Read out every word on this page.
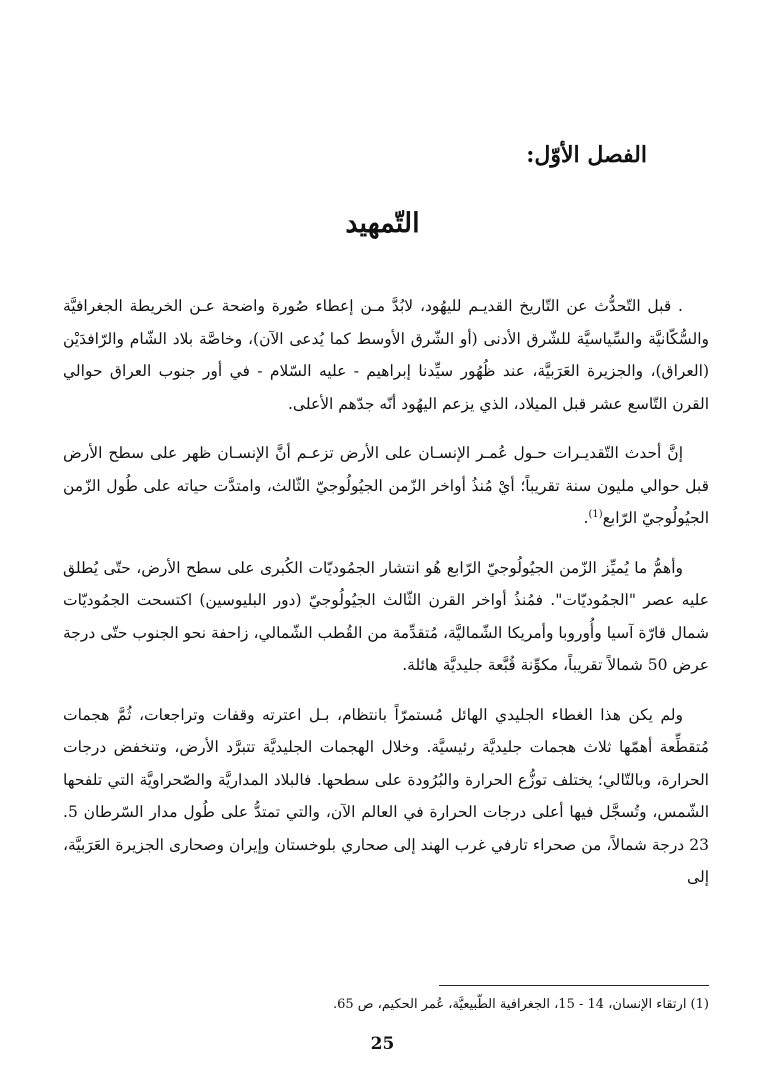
الفصل الأوّل:
التّمهيد

. قبل التّحدُّث عن التّاريخ القديـم لليهُود، لابُدَّ مـن إعطاء صُورة واضحة عـن الخريطة الجغرافيَّة والسُّكّانيَّة والسِّياسيَّة للشّرق الأدنى (أو الشّرق الأوسط كما يُدعى الآن)، وخاصَّة بلاد الشّام والرّافدَيْن (العراق)، والجزيرة العَرَبيَّة، عند ظُهُور سيِّدنا إبراهيم - عليه السّلام - في أور جنوب العراق حوالي القرن التّاسع عشر قبل الميلاد، الذي يزعم اليهُود أنّه جدّهم الأعلى.

إنَّ أحدث التّقديـرات حـول عُمـر الإنسـان على الأرض تزعـم أنَّ الإنسـان ظهر على سطح الأرض قبل حوالي مليون سنة تقريباً؛ أيْ مُنذُ أواخر الزّمن الجيُولُوجيّ الثّالث، وامتدَّت حياته على طُول الزّمن الجيُولُوجيّ الرّابع$^{(1)}$.

وأهمُّ ما يُميِّز الزّمن الجيُولُوجيّ الرّابع هُو انتشار الجمُوديّات الكُبرى على سطح الأرض، حتّى يُطلق عليه عصر "الجمُوديّات". فمُنذُ أواخر القرن الثّالث الجيُولُوجيّ (دور البليوسين) اكتسحت الجمُوديّات شمال قارّة آسيا وأُوروبا وأمريكا الشّماليَّة، مُتقدِّمة من القُطب الشّمالي، زاحفة نحو الجنوب حتّى درجة عرض 50 شمالاً تقريباً، مكوِّنة قُبَّعة جليديَّة هائلة.

ولم يكن هذا الغطاء الجليدي الهائل مُستمرّاً بانتظام، بـل اعترته وقفات وتراجعات، ثُمَّ هجمات مُتقطِّعة أهمّها ثلاث هجمات جليديَّة رئيسيَّة. وخلال الهجمات الجليديَّة تتبرَّد الأرض، وتنخفض درجات الحرارة، وبالتّالي؛ يختلف توزُّع الحرارة والبُرُودة على سطحها. فالبلاد المداريَّة والصّحراويَّة التي تلفحها الشّمس، وتُسجَّل فيها أعلى درجات الحرارة في العالم الآن، والتي تمتدُّ على طُول مدار السّرطان 5. 23 درجة شمالاً، من صحراء تارفي غرب الهند إلى صحاري بلوخستان وإيران وصحارى الجزيرة العَرَبيَّة، إلى

(1) ارتقاء الإنسان، 14 - 15، الجغرافية الطّبيعيَّة، عُمر الحكيم، ص 65.

25
